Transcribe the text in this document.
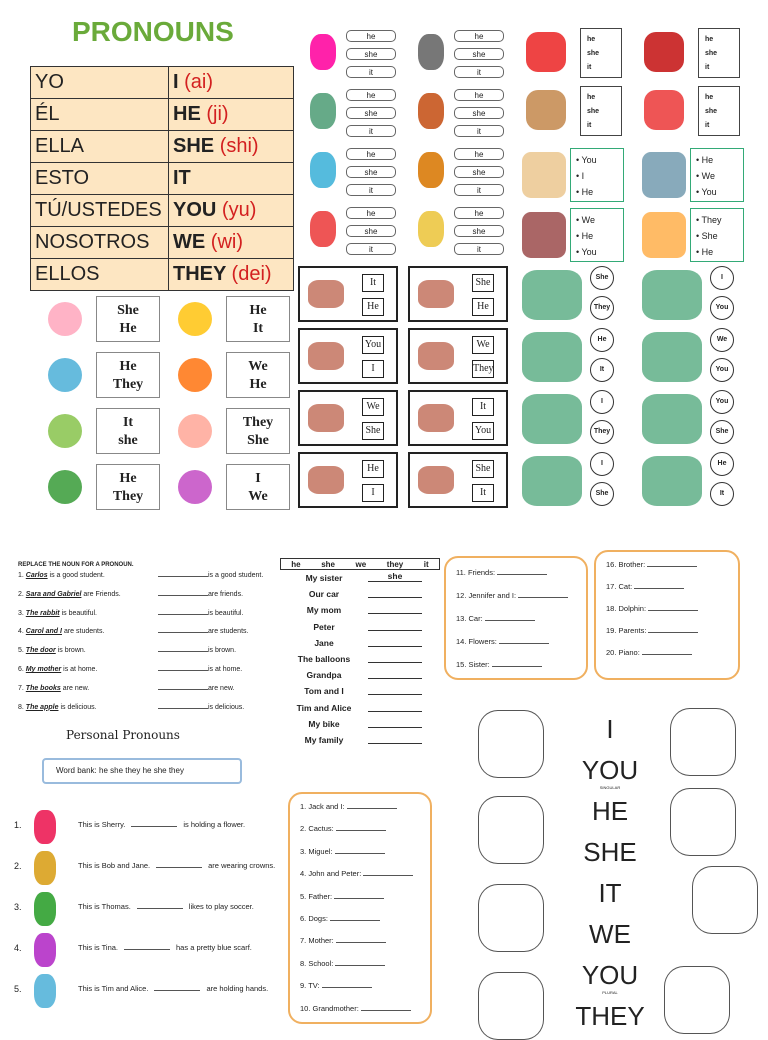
PRONOUNS
YO	I (ai)
ÉL	HE (ji)
ELLA	SHE (shi)
ESTO	IT
TÚ/USTEDES	YOU (yu)
NOSOTROS	WE (wi)
ELLOS	THEY (dei)
She
He
He
It
He
They
We
He
It
she
They
She
He
They
I
We
he
she
it
he
she
it
he
she
it
he
she
it
he
she
it
he
she
it
he
she
it
he
she
it
he
she
it
he
she
it
he
she
it
he
she
it
• You
• I
• He
• He
• We
• You
• We
• He
• You
• They
• She
• He
It
He
She
He
You
I
We
They
We
She
It
You
He
I
She
It
She
They
I
You
He
It
We
You
I
They
You
She
I
She
He
It
REPLACE THE NOUN FOR A PRONOUN.
1. Carlos is a good student.	is a good student.
2. Sara and Gabriel are Friends.	are friends.
3. The rabbit is beautiful.	is beautiful.
4. Carol and I are students.	are students.
5. The door is brown.	is brown.
6. My mother is at home.	is at home.
7. The books are new.	are new.
8. The apple is delicious.	is delicious.
he	she	we	they	it
My sister	she
Our car
My mom
Peter
Jane
The balloons
Grandpa
Tom and I
Tim and Alice
My bike
My family
11. Friends:
12. Jennifer and I:
13. Car:
14. Flowers:
15. Sister:
16. Brother:
17. Cat:
18. Dolphin:
19. Parents:
20. Piano:
Personal Pronouns
Word bank: he she they he she they
1.	This is Sherry.	is holding a flower.
2.	This is Bob and Jane.	are wearing crowns.
3.	This is Thomas.	likes to play soccer.
4.	This is Tina.	has a pretty blue scarf.
5.	This is Tim and Alice.	are holding hands.
1. Jack and I:
2. Cactus:
3. Miguel:
4. John and Peter:
5. Father:
6. Dogs:
7. Mother:
8. School:
9. TV:
10. Grandmother:
I
YOU
SINGULAR
HE
SHE
IT
WE
YOU
PLURAL
THEY
